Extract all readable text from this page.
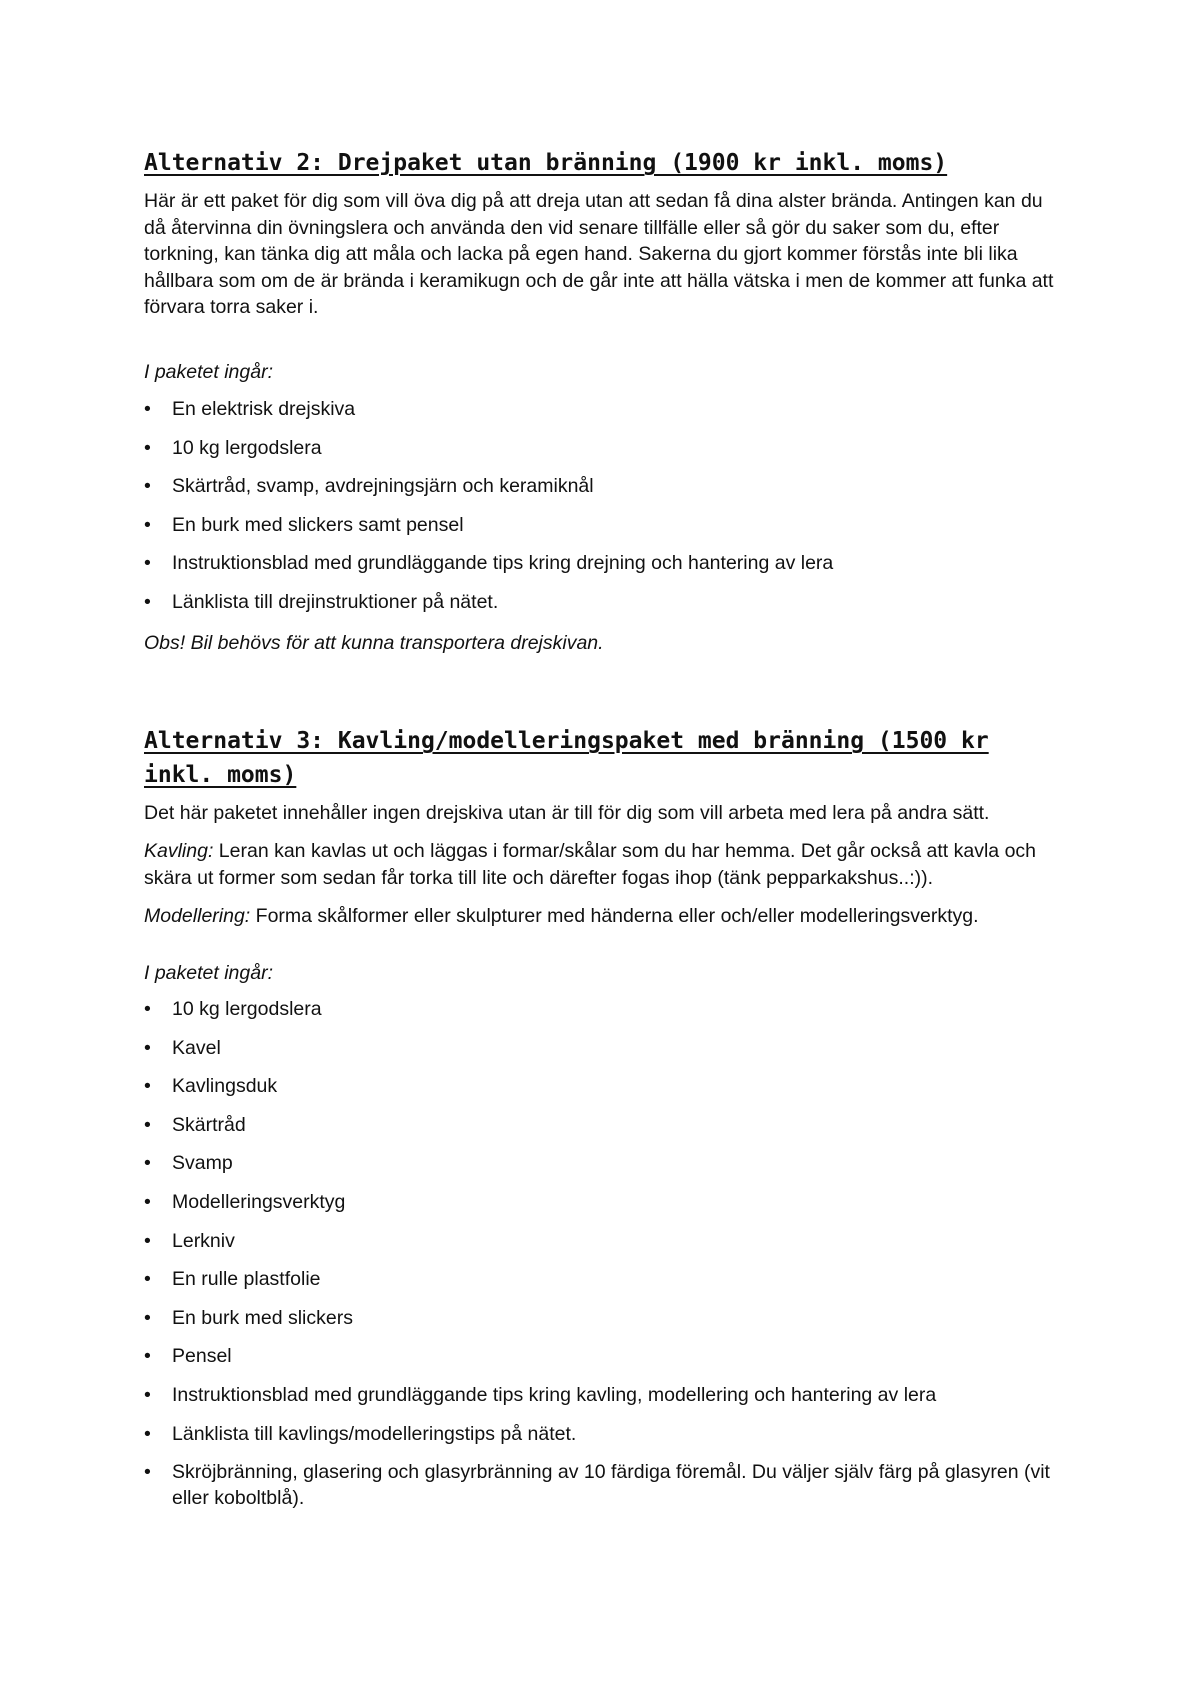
Alternativ 2: Drejpaket utan bränning (1900 kr inkl. moms)

Här är ett paket för dig som vill öva dig på att dreja utan att sedan få dina alster brända. Antingen kan du då återvinna din övningslera och använda den vid senare tillfälle eller så gör du saker som du, efter torkning, kan tänka dig att måla och lacka på egen hand. Sakerna du gjort kommer förstås inte bli lika hållbara som om de är brända i keramikugn och de går inte att hälla vätska i men de kommer att funka att förvara torra saker i.

I paketet ingår:

• En elektrisk drejskiva
• 10 kg lergodslera
• Skärtråd, svamp, avdrejningsjärn och keramiknål
• En burk med slickers samt pensel
• Instruktionsblad med grundläggande tips kring drejning och hantering av lera
• Länklista till drejinstruktioner på nätet.

Obs! Bil behövs för att kunna transportera drejskivan.

Alternativ 3: Kavling/modelleringspaket med bränning (1500 kr inkl. moms)

Det här paketet innehåller ingen drejskiva utan är till för dig som vill arbeta med lera på andra sätt.

Kavling: Leran kan kavlas ut och läggas i formar/skålar som du har hemma. Det går också att kavla och skära ut former som sedan får torka till lite och därefter fogas ihop (tänk pepparkakshus..:)).

Modellering: Forma skålformer eller skulpturer med händerna eller och/eller modelleringsverktyg.

I paketet ingår:

• 10 kg lergodslera
• Kavel
• Kavlingsduk
• Skärtråd
• Svamp
• Modelleringsverktyg
• Lerkniv
• En rulle plastfolie
• En burk med slickers
• Pensel
• Instruktionsblad med grundläggande tips kring kavling, modellering och hantering av lera
• Länklista till kavlings/modelleringstips på nätet.
• Skröjbränning, glasering och glasyrbränning av 10 färdiga föremål. Du väljer själv färg på glasyren (vit eller koboltblå).
